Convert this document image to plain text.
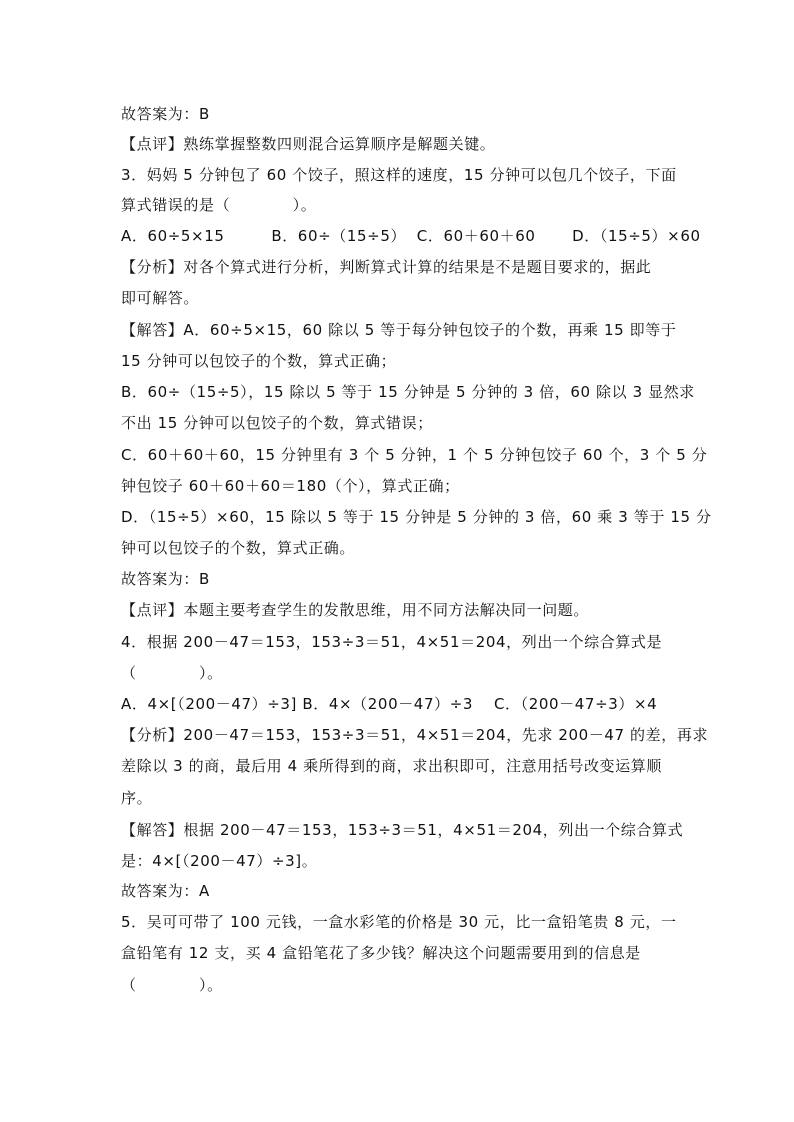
故答案为：B
【点评】熟练掌握整数四则混合运算顺序是解题关键。
3．妈妈 5 分钟包了 60 个饺子，照这样的速度，15 分钟可以包几个饺子，下面
算式错误的是（　　　　）。
A．60÷5×15　　　B．60÷（15÷5）  C．60＋60＋60　　 D．（15÷5）×60
【分析】对各个算式进行分析，判断算式计算的结果是不是题目要求的，据此
即可解答。
【解答】A．60÷5×15，60 除以 5 等于每分钟包饺子的个数，再乘 15 即等于
15 分钟可以包饺子的个数，算式正确；
B．60÷（15÷5），15 除以 5 等于 15 分钟是 5 分钟的 3 倍，60 除以 3 显然求
不出 15 分钟可以包饺子的个数，算式错误；
C．60＋60＋60，15 分钟里有 3 个 5 分钟，1 个 5 分钟包饺子 60 个，3 个 5 分
钟包饺子 60＋60＋60＝180（个），算式正确；
D．（15÷5）×60，15 除以 5 等于 15 分钟是 5 分钟的 3 倍，60 乘 3 等于 15 分
钟可以包饺子的个数，算式正确。
故答案为：B
【点评】本题主要考查学生的发散思维，用不同方法解决同一问题。
4．根据 200－47＝153，153÷3＝51，4×51＝204，列出一个综合算式是
（　　　　）。
A．4×[（200－47）÷3] B．4×（200－47）÷3　 C．（200－47÷3）×4
【分析】200－47＝153，153÷3＝51，4×51＝204，先求 200－47 的差，再求
差除以 3 的商，最后用 4 乘所得到的商，求出积即可，注意用括号改变运算顺
序。
【解答】根据 200－47＝153，153÷3＝51，4×51＝204，列出一个综合算式
是：4×[（200－47）÷3]。
故答案为：A
5．吴可可带了 100 元钱，一盒水彩笔的价格是 30 元，比一盒铅笔贵 8 元，一
盒铅笔有 12 支，买 4 盒铅笔花了多少钱？解决这个问题需要用到的信息是
（　　　　）。
